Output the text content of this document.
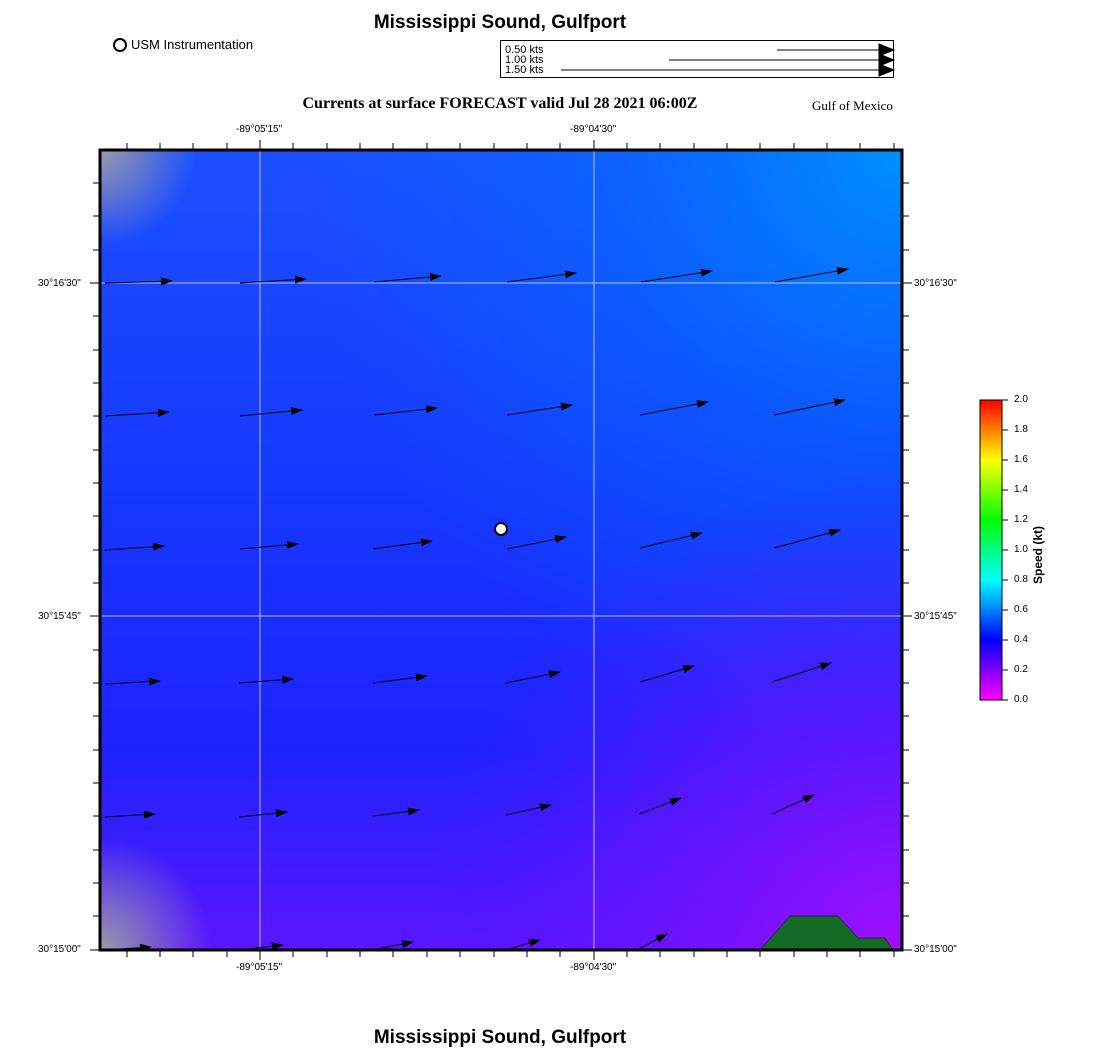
Mississippi Sound, Gulfport
USM Instrumentation	0.50 kts
1.00 kts
1.50 kts
Currents at surface FORECAST valid Jul 28 2021 06:00Z	Gulf of Mexico
-89°05'15"	-89°04'30"
-89°05'15"	-89°04'30"
30°16'30"
30°15'45"
30°15'00"
30°16'30"
30°15'45"
30°15'00"
2.0
1.8
1.6
1.4
1.2
1.0
0.8
0.6
0.4
0.2
0.0
Speed (kt)
Mississippi Sound, Gulfport
